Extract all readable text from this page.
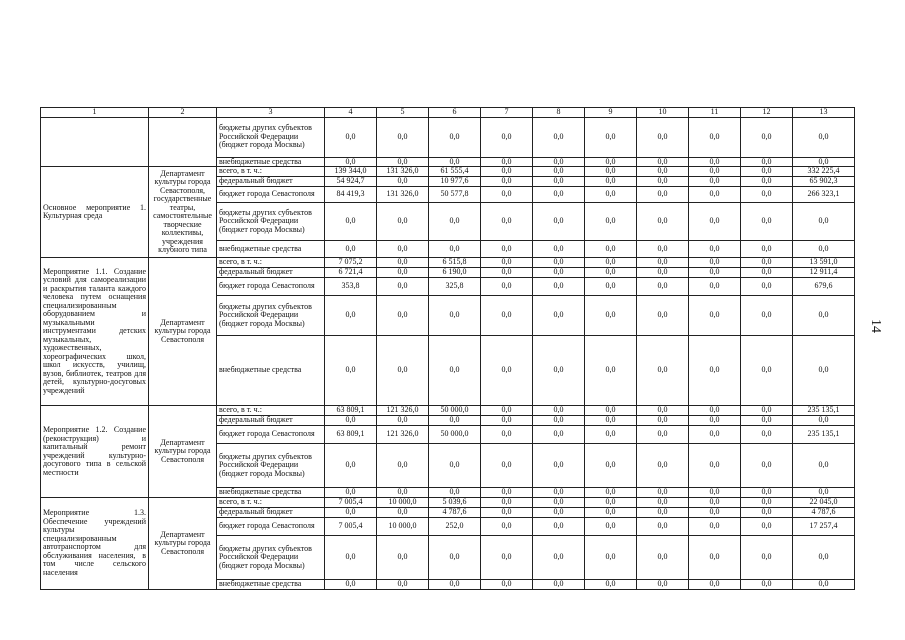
1	2	3	4	5	6	7	8	9	10	11	12	13
		бюджеты других субъектов Российской Федерации (бюджет города Москвы)	0,0	0,0	0,0	0,0	0,0	0,0	0,0	0,0	0,0	0,0
		внебюджетные средства	0,0	0,0	0,0	0,0	0,0	0,0	0,0	0,0	0,0	0,0
Основное мероприятие 1. Культурная среда	Департамент культуры города Севастополя, государственные театры, самостоятельные творческие коллективы, учреждения клубного типа	всего, в т. ч.:	139 344,0	131 326,0	61 555,4	0,0	0,0	0,0	0,0	0,0	0,0	332 225,4
		федеральный бюджет	54 924,7	0,0	10 977,6	0,0	0,0	0,0	0,0	0,0	0,0	65 902,3
		бюджет города Севастополя	84 419,3	131 326,0	50 577,8	0,0	0,0	0,0	0,0	0,0	0,0	266 323,1
		бюджеты других субъектов Российской Федерации (бюджет города Москвы)	0,0	0,0	0,0	0,0	0,0	0,0	0,0	0,0	0,0	0,0
		внебюджетные средства	0,0	0,0	0,0	0,0	0,0	0,0	0,0	0,0	0,0	0,0
Мероприятие 1.1. Создание условий для самореализации и раскрытия таланта каждого человека путем оснащения специализированным оборудованием и музыкальными инструментами детских музыкальных, художественных, хореографических школ, школ искусств, училищ, вузов, библиотек, театров для детей, культурно-досуговых учреждений	Департамент культуры города Севастополя	всего, в т. ч.:	7 075,2	0,0	6 515,8	0,0	0,0	0,0	0,0	0,0	0,0	13 591,0
		федеральный бюджет	6 721,4	0,0	6 190,0	0,0	0,0	0,0	0,0	0,0	0,0	12 911,4
		бюджет города Севастополя	353,8	0,0	325,8	0,0	0,0	0,0	0,0	0,0	0,0	679,6
		бюджеты других субъектов Российской Федерации (бюджет города Москвы)	0,0	0,0	0,0	0,0	0,0	0,0	0,0	0,0	0,0	0,0
		внебюджетные средства	0,0	0,0	0,0	0,0	0,0	0,0	0,0	0,0	0,0	0,0
Мероприятие 1.2. Создание (реконструкция) и капитальный ремонт учреждений культурно-досугового типа в сельской местности	Департамент культуры города Севастополя	всего, в т. ч.:	63 809,1	121 326,0	50 000,0	0,0	0,0	0,0	0,0	0,0	0,0	235 135,1
		федеральный бюджет	0,0	0,0	0,0	0,0	0,0	0,0	0,0	0,0	0,0	0,0
		бюджет города Севастополя	63 809,1	121 326,0	50 000,0	0,0	0,0	0,0	0,0	0,0	0,0	235 135,1
		бюджеты других субъектов Российской Федерации (бюджет города Москвы)	0,0	0,0	0,0	0,0	0,0	0,0	0,0	0,0	0,0	0,0
		внебюджетные средства	0,0	0,0	0,0	0,0	0,0	0,0	0,0	0,0	0,0	0,0
Мероприятие 1.3. Обеспечение учреждений культуры специализированным автотранспортом для обслуживания населения, в том числе сельского населения	Департамент культуры города Севастополя	всего, в т. ч.:	7 005,4	10 000,0	5 039,6	0,0	0,0	0,0	0,0	0,0	0,0	22 045,0
		федеральный бюджет	0,0	0,0	4 787,6	0,0	0,0	0,0	0,0	0,0	0,0	4 787,6
		бюджет города Севастополя	7 005,4	10 000,0	252,0	0,0	0,0	0,0	0,0	0,0	0,0	17 257,4
		бюджеты других субъектов Российской Федерации (бюджет города Москвы)	0,0	0,0	0,0	0,0	0,0	0,0	0,0	0,0	0,0	0,0
		внебюджетные средства	0,0	0,0	0,0	0,0	0,0	0,0	0,0	0,0	0,0	0,0
14
